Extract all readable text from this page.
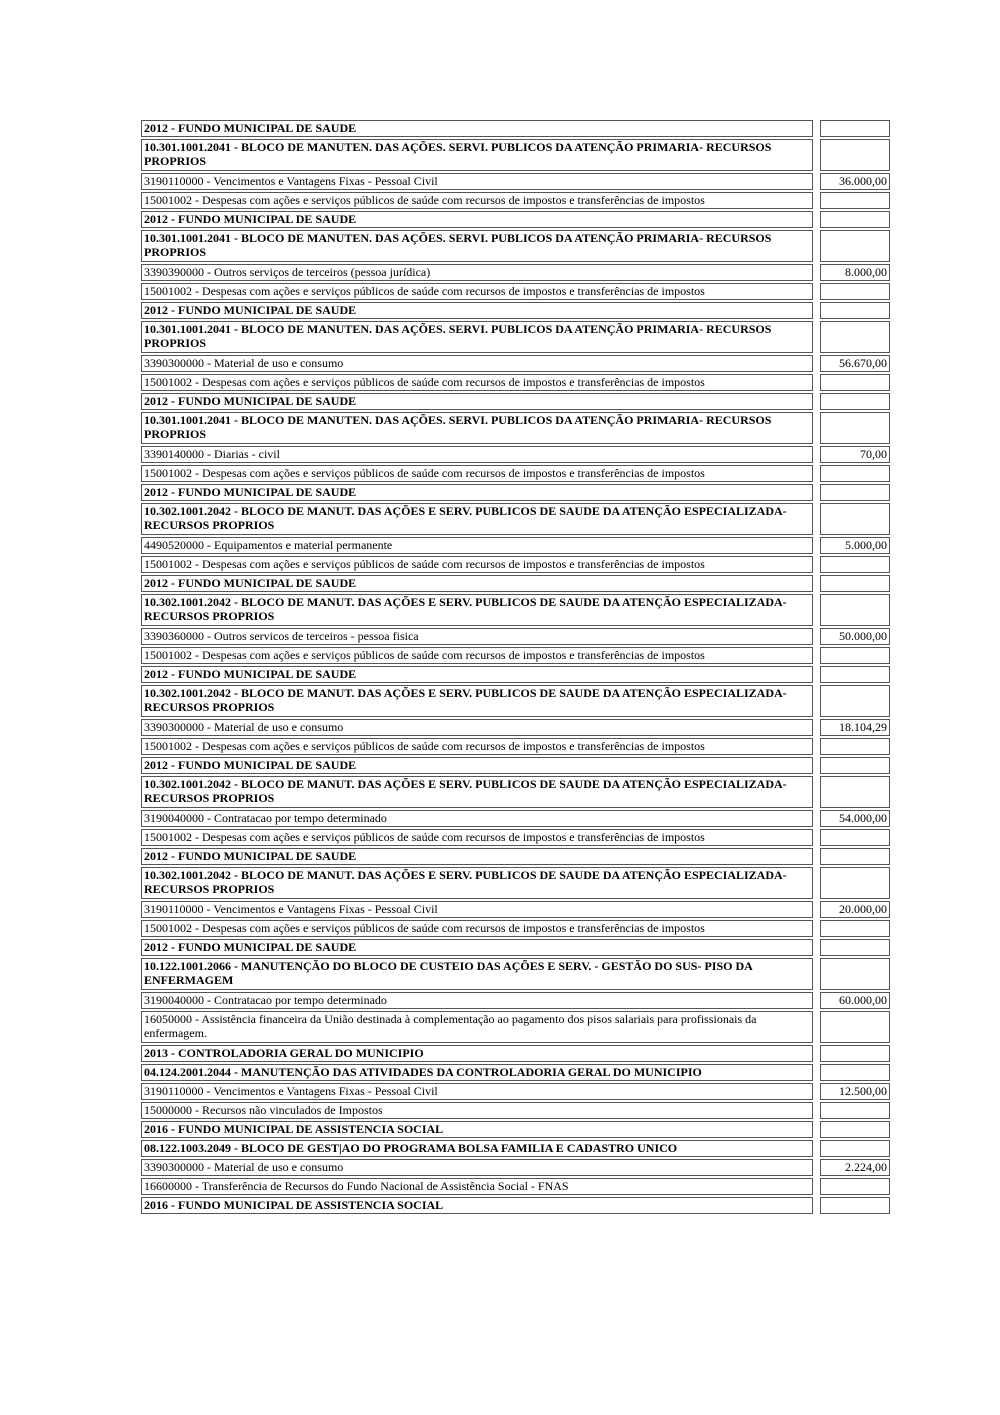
2012 - FUNDO MUNICIPAL DE SAUDE		
10.301.1001.2041 - BLOCO DE MANUTEN. DAS AÇÕES. SERVI. PUBLICOS DA ATENÇÃO PRIMARIA- RECURSOS PROPRIOS		
3190110000 - Vencimentos e Vantagens Fixas - Pessoal Civil		36.000,00
15001002 - Despesas com ações e serviços públicos de saúde com recursos de impostos e transferências de impostos		
2012 - FUNDO MUNICIPAL DE SAUDE		
10.301.1001.2041 - BLOCO DE MANUTEN. DAS AÇÕES. SERVI. PUBLICOS DA ATENÇÃO PRIMARIA- RECURSOS PROPRIOS		
3390390000 - Outros serviços de terceiros (pessoa jurídica)		8.000,00
15001002 - Despesas com ações e serviços públicos de saúde com recursos de impostos e transferências de impostos		
2012 - FUNDO MUNICIPAL DE SAUDE		
10.301.1001.2041 - BLOCO DE MANUTEN. DAS AÇÕES. SERVI. PUBLICOS DA ATENÇÃO PRIMARIA- RECURSOS PROPRIOS		
3390300000 - Material de uso e consumo		56.670,00
15001002 - Despesas com ações e serviços públicos de saúde com recursos de impostos e transferências de impostos		
2012 - FUNDO MUNICIPAL DE SAUDE		
10.301.1001.2041 - BLOCO DE MANUTEN. DAS AÇÕES. SERVI. PUBLICOS DA ATENÇÃO PRIMARIA- RECURSOS PROPRIOS		
3390140000 - Diarias - civil		70,00
15001002 - Despesas com ações e serviços públicos de saúde com recursos de impostos e transferências de impostos		
2012 - FUNDO MUNICIPAL DE SAUDE		
10.302.1001.2042 - BLOCO DE MANUT. DAS AÇÕES E SERV. PUBLICOS DE SAUDE DA ATENÇÃO ESPECIALIZADA- RECURSOS PROPRIOS		
4490520000 - Equipamentos e material permanente		5.000,00
15001002 - Despesas com ações e serviços públicos de saúde com recursos de impostos e transferências de impostos		
2012 - FUNDO MUNICIPAL DE SAUDE		
10.302.1001.2042 - BLOCO DE MANUT. DAS AÇÕES E SERV. PUBLICOS DE SAUDE DA ATENÇÃO ESPECIALIZADA- RECURSOS PROPRIOS		
3390360000 - Outros servicos de terceiros - pessoa fisica		50.000,00
15001002 - Despesas com ações e serviços públicos de saúde com recursos de impostos e transferências de impostos		
2012 - FUNDO MUNICIPAL DE SAUDE		
10.302.1001.2042 - BLOCO DE MANUT. DAS AÇÕES E SERV. PUBLICOS DE SAUDE DA ATENÇÃO ESPECIALIZADA- RECURSOS PROPRIOS		
3390300000 - Material de uso e consumo		18.104,29
15001002 - Despesas com ações e serviços públicos de saúde com recursos de impostos e transferências de impostos		
2012 - FUNDO MUNICIPAL DE SAUDE		
10.302.1001.2042 - BLOCO DE MANUT. DAS AÇÕES E SERV. PUBLICOS DE SAUDE DA ATENÇÃO ESPECIALIZADA- RECURSOS PROPRIOS		
3190040000 - Contratacao por tempo determinado		54.000,00
15001002 - Despesas com ações e serviços públicos de saúde com recursos de impostos e transferências de impostos		
2012 - FUNDO MUNICIPAL DE SAUDE		
10.302.1001.2042 - BLOCO DE MANUT. DAS AÇÕES E SERV. PUBLICOS DE SAUDE DA ATENÇÃO ESPECIALIZADA- RECURSOS PROPRIOS		
3190110000 - Vencimentos e Vantagens Fixas - Pessoal Civil		20.000,00
15001002 - Despesas com ações e serviços públicos de saúde com recursos de impostos e transferências de impostos		
2012 - FUNDO MUNICIPAL DE SAUDE		
10.122.1001.2066 - MANUTENÇÃO DO BLOCO DE CUSTEIO DAS AÇÕES E SERV. - GESTÃO DO SUS- PISO DA ENFERMAGEM		
3190040000 - Contratacao por tempo determinado		60.000,00
16050000 - Assistência financeira da União destinada à complementação ao pagamento dos pisos salariais para profissionais da enfermagem.		
2013 - CONTROLADORIA GERAL DO MUNICIPIO		
04.124.2001.2044 - MANUTENÇÃO DAS ATIVIDADES DA CONTROLADORIA GERAL DO MUNICIPIO		
3190110000 - Vencimentos e Vantagens Fixas - Pessoal Civil		12.500,00
15000000 - Recursos não vinculados de Impostos		
2016 - FUNDO MUNICIPAL DE ASSISTENCIA SOCIAL		
08.122.1003.2049 - BLOCO DE GEST|AO DO PROGRAMA BOLSA FAMILIA E CADASTRO UNICO		
3390300000 - Material de uso e consumo		2.224,00
16600000 - Transferência de Recursos do Fundo Nacional de Assistência Social - FNAS		
2016 - FUNDO MUNICIPAL DE ASSISTENCIA SOCIAL		
